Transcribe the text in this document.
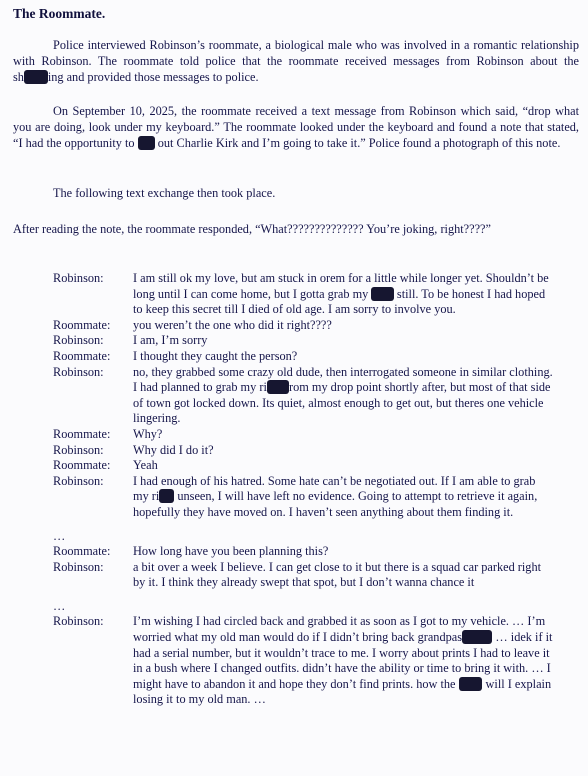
The Roommate.

Police interviewed Robinson’s roommate, a biological male who was involved in a romantic relationship with Robinson. The roommate told police that the roommate received messages from Robinson about the sh ing and provided those messages to police.

On September 10, 2025, the roommate received a text message from Robinson which said, “drop what you are doing, look under my keyboard.” The roommate looked under the keyboard and found a note that stated, “I had the opportunity to out Charlie Kirk and I’m going to take it.” Police found a photograph of this note.

The following text exchange then took place.

After reading the note, the roommate responded, “What?????????????? You’re joking, right????”

Robinson:	I am still ok my love, but am stuck in orem for a little while longer yet. Shouldn’t be long until I can come home, but I gotta grab my still. To be honest I had hoped to keep this secret till I died of old age. I am sorry to involve you.
Roommate:	you weren’t the one who did it right????
Robinson:	I am, I’m sorry
Roommate:	I thought they caught the person?
Robinson:	no, they grabbed some crazy old dude, then interrogated someone in similar clothing. I had planned to grab my ri rom my drop point shortly after, but most of that side of town got locked down. Its quiet, almost enough to get out, but theres one vehicle lingering.
Roommate:	Why?
Robinson:	Why did I do it?
Roommate:	Yeah
Robinson:	I had enough of his hatred. Some hate can’t be negotiated out. If I am able to grab my ri unseen, I will have left no evidence. Going to attempt to retrieve it again, hopefully they have moved on. I haven’t seen anything about them finding it.
…
Roommate:	How long have you been planning this?
Robinson:	a bit over a week I believe. I can get close to it but there is a squad car parked right by it. I think they already swept that spot, but I don’t wanna chance it
…
Robinson:	I’m wishing I had circled back and grabbed it as soon as I got to my vehicle. … I’m worried what my old man would do if I didn’t bring back grandpas … idek if it had a serial number, but it wouldn’t trace to me. I worry about prints I had to leave it in a bush where I changed outfits. didn’t have the ability or time to bring it with. … I might have to abandon it and hope they don’t find prints. how the will I explain losing it to my old man. …
